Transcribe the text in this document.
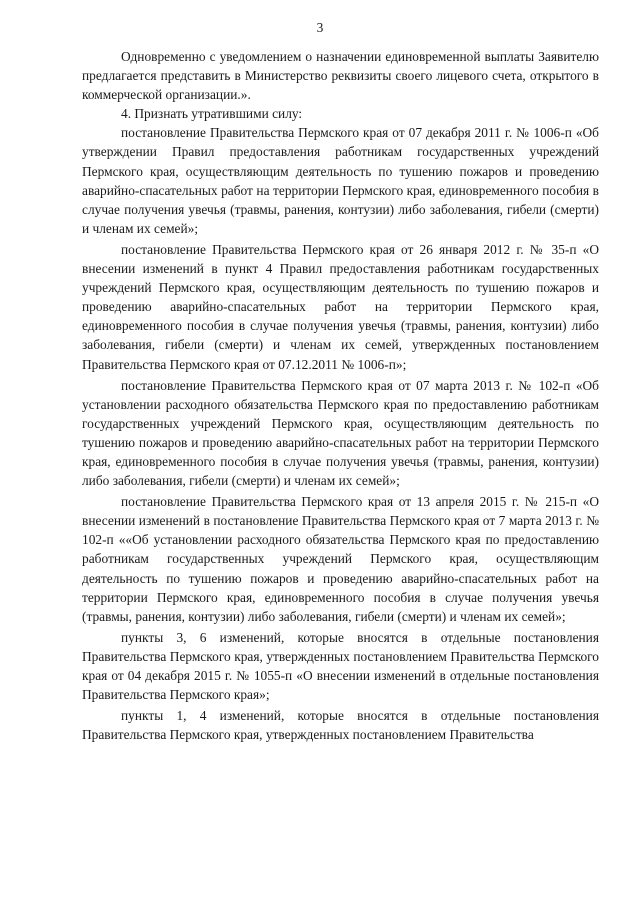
3

Одновременно с уведомлением о назначении единовременной выплаты Заявителю предлагается представить в Министерство реквизиты своего лицевого счета, открытого в коммерческой организации.».

4. Признать утратившими силу:

постановление Правительства Пермского края от 07 декабря 2011 г. № 1006-п «Об утверждении Правил предоставления работникам государственных учреждений Пермского края, осуществляющим деятельность по тушению пожаров и проведению аварийно-спасательных работ на территории Пермского края, единовременного пособия в случае получения увечья (травмы, ранения, контузии) либо заболевания, гибели (смерти) и членам их семей»;

постановление Правительства Пермского края от 26 января 2012 г. № 35-п «О внесении изменений в пункт 4 Правил предоставления работникам государственных учреждений Пермского края, осуществляющим деятельность по тушению пожаров и проведению аварийно-спасательных работ на территории Пермского края, единовременного пособия в случае получения увечья (травмы, ранения, контузии) либо заболевания, гибели (смерти) и членам их семей, утвержденных постановлением Правительства Пермского края от 07.12.2011 № 1006-п»;

постановление Правительства Пермского края от 07 марта 2013 г. № 102-п «Об установлении расходного обязательства Пермского края по предоставлению работникам государственных учреждений Пермского края, осуществляющим деятельность по тушению пожаров и проведению аварийно-спасательных работ на территории Пермского края, единовременного пособия в случае получения увечья (травмы, ранения, контузии) либо заболевания, гибели (смерти) и членам их семей»;

постановление Правительства Пермского края от 13 апреля 2015 г. № 215-п «О внесении изменений в постановление Правительства Пермского края от 7 марта 2013 г. № 102-п ««Об установлении расходного обязательства Пермского края по предоставлению работникам государственных учреждений Пермского края, осуществляющим деятельность по тушению пожаров и проведению аварийно-спасательных работ на территории Пермского края, единовременного пособия в случае получения увечья (травмы, ранения, контузии) либо заболевания, гибели (смерти) и членам их семей»;

пункты 3, 6 изменений, которые вносятся в отдельные постановления Правительства Пермского края, утвержденных постановлением Правительства Пермского края от 04 декабря 2015 г. № 1055-п «О внесении изменений в отдельные постановления Правительства Пермского края»;

пункты 1, 4 изменений, которые вносятся в отдельные постановления Правительства Пермского края, утвержденных постановлением Правительства
